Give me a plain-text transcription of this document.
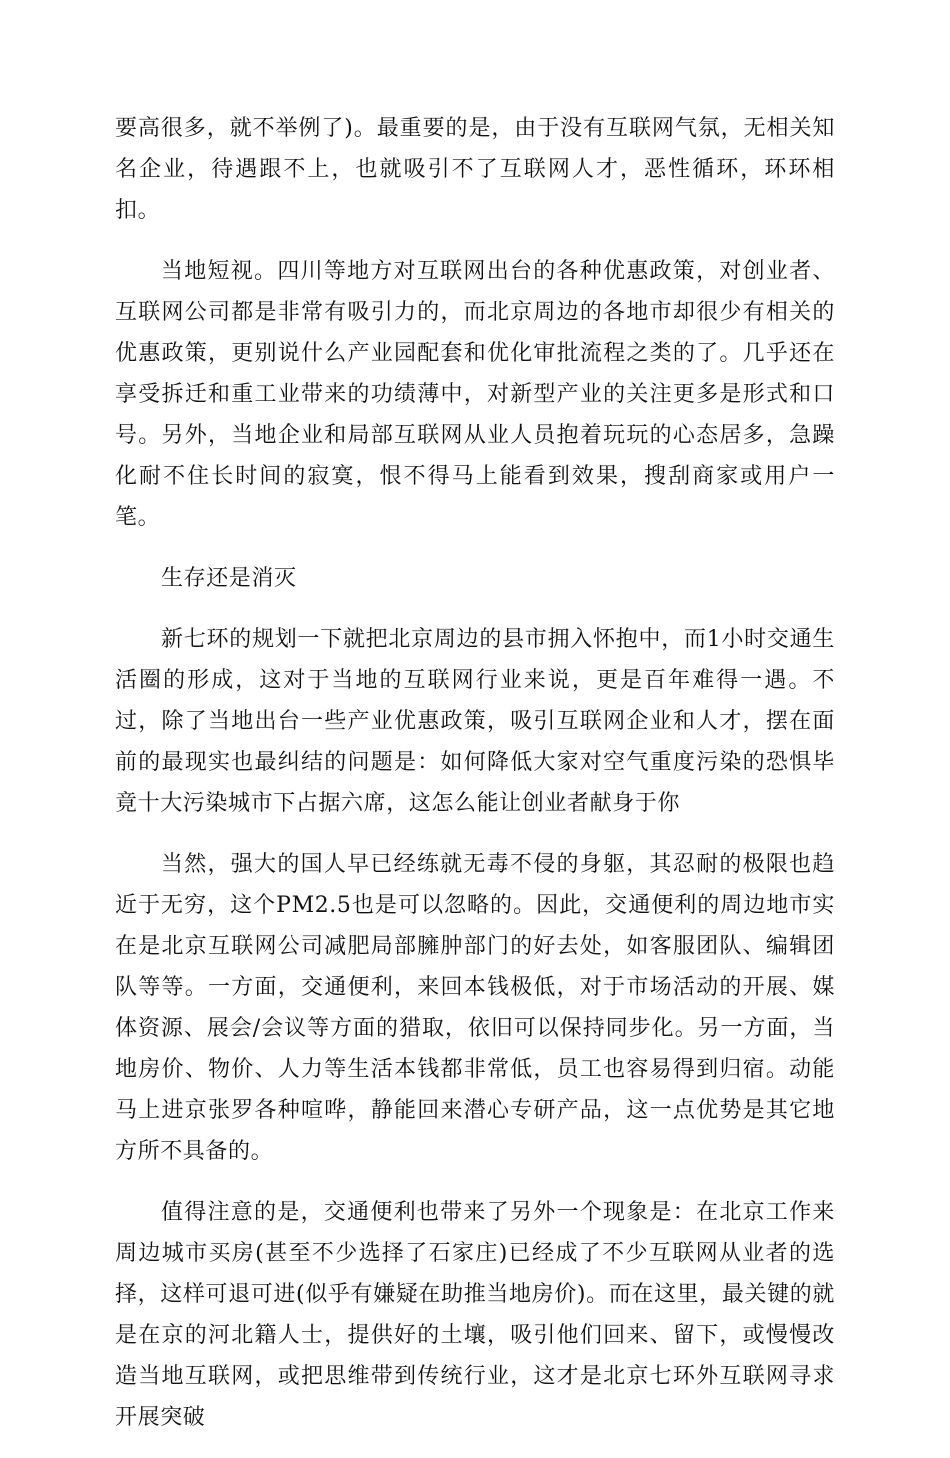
要高很多，就不举例了)。最重要的是，由于没有互联网气氛，无相关知名企业，待遇跟不上，也就吸引不了互联网人才，恶性循环，环环相扣。

当地短视。四川等地方对互联网出台的各种优惠政策，对创业者、互联网公司都是非常有吸引力的，而北京周边的各地市却很少有相关的优惠政策，更别说什么产业园配套和优化审批流程之类的了。几乎还在享受拆迁和重工业带来的功绩薄中，对新型产业的关注更多是形式和口号。另外，当地企业和局部互联网从业人员抱着玩玩的心态居多，急躁化耐不住长时间的寂寞，恨不得马上能看到效果，搜刮商家或用户一笔。

生存还是消灭

新七环的规划一下就把北京周边的县市拥入怀抱中，而1小时交通生活圈的形成，这对于当地的互联网行业来说，更是百年难得一遇。不过，除了当地出台一些产业优惠政策，吸引互联网企业和人才，摆在面前的最现实也最纠结的问题是：如何降低大家对空气重度污染的恐惧毕竟十大污染城市下占据六席，这怎么能让创业者献身于你

当然，强大的国人早已经练就无毒不侵的身躯，其忍耐的极限也趋近于无穷，这个PM2.5也是可以忽略的。因此，交通便利的周边地市实在是北京互联网公司减肥局部臃肿部门的好去处，如客服团队、编辑团队等等。一方面，交通便利，来回本钱极低，对于市场活动的开展、媒体资源、展会/会议等方面的猎取，依旧可以保持同步化。另一方面，当地房价、物价、人力等生活本钱都非常低，员工也容易得到归宿。动能马上进京张罗各种喧哗，静能回来潜心专研产品，这一点优势是其它地方所不具备的。

值得注意的是，交通便利也带来了另外一个现象是：在北京工作来周边城市买房(甚至不少选择了石家庄)已经成了不少互联网从业者的选择，这样可退可进(似乎有嫌疑在助推当地房价)。而在这里，最关键的就是在京的河北籍人士，提供好的土壤，吸引他们回来、留下，或慢慢改造当地互联网，或把思维带到传统行业，这才是北京七环外互联网寻求开展突破
